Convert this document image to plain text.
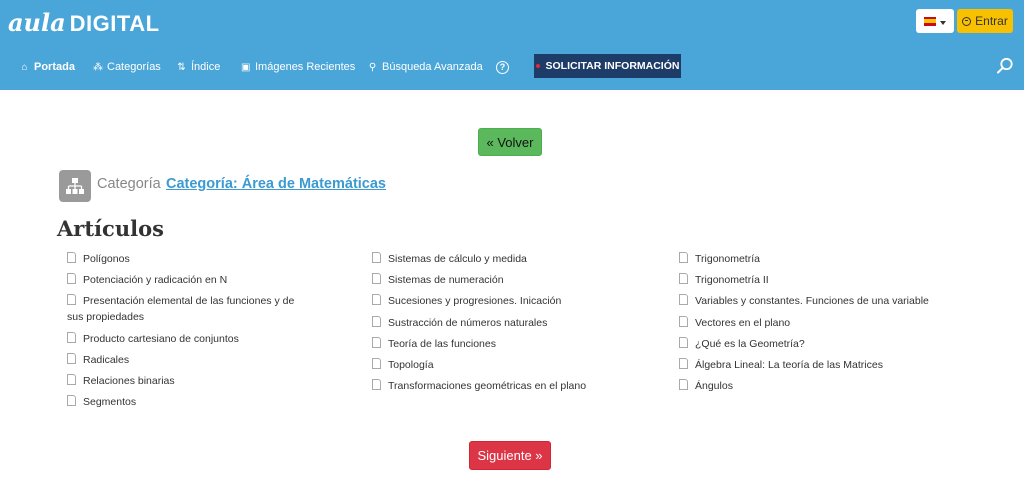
aula DIGITAL	Entrar
⌂ Portada ⁂ Categorías ⇅ Índice ▣ Imágenes Recientes ⚲ Búsqueda Avanzada	?	SOLICITAR INFORMACIÓN
« Volver
Categoría Categoría: Área de Matemáticas
Artículos
Polígonos
Potenciación y radicación en N
Presentación elemental de las funciones y de sus propiedades
Producto cartesiano de conjuntos
Radicales
Relaciones binarias
Segmentos
Sistemas de cálculo y medida
Sistemas de numeración
Sucesiones y progresiones. Inicación
Sustracción de números naturales
Teoría de las funciones
Topología
Transformaciones geométricas en el plano
Trigonometría
Trigonometría II
Variables y constantes. Funciones de una variable
Vectores en el plano
¿Qué es la Geometría?
Álgebra Lineal: La teoría de las Matrices
Ángulos
Siguiente »
